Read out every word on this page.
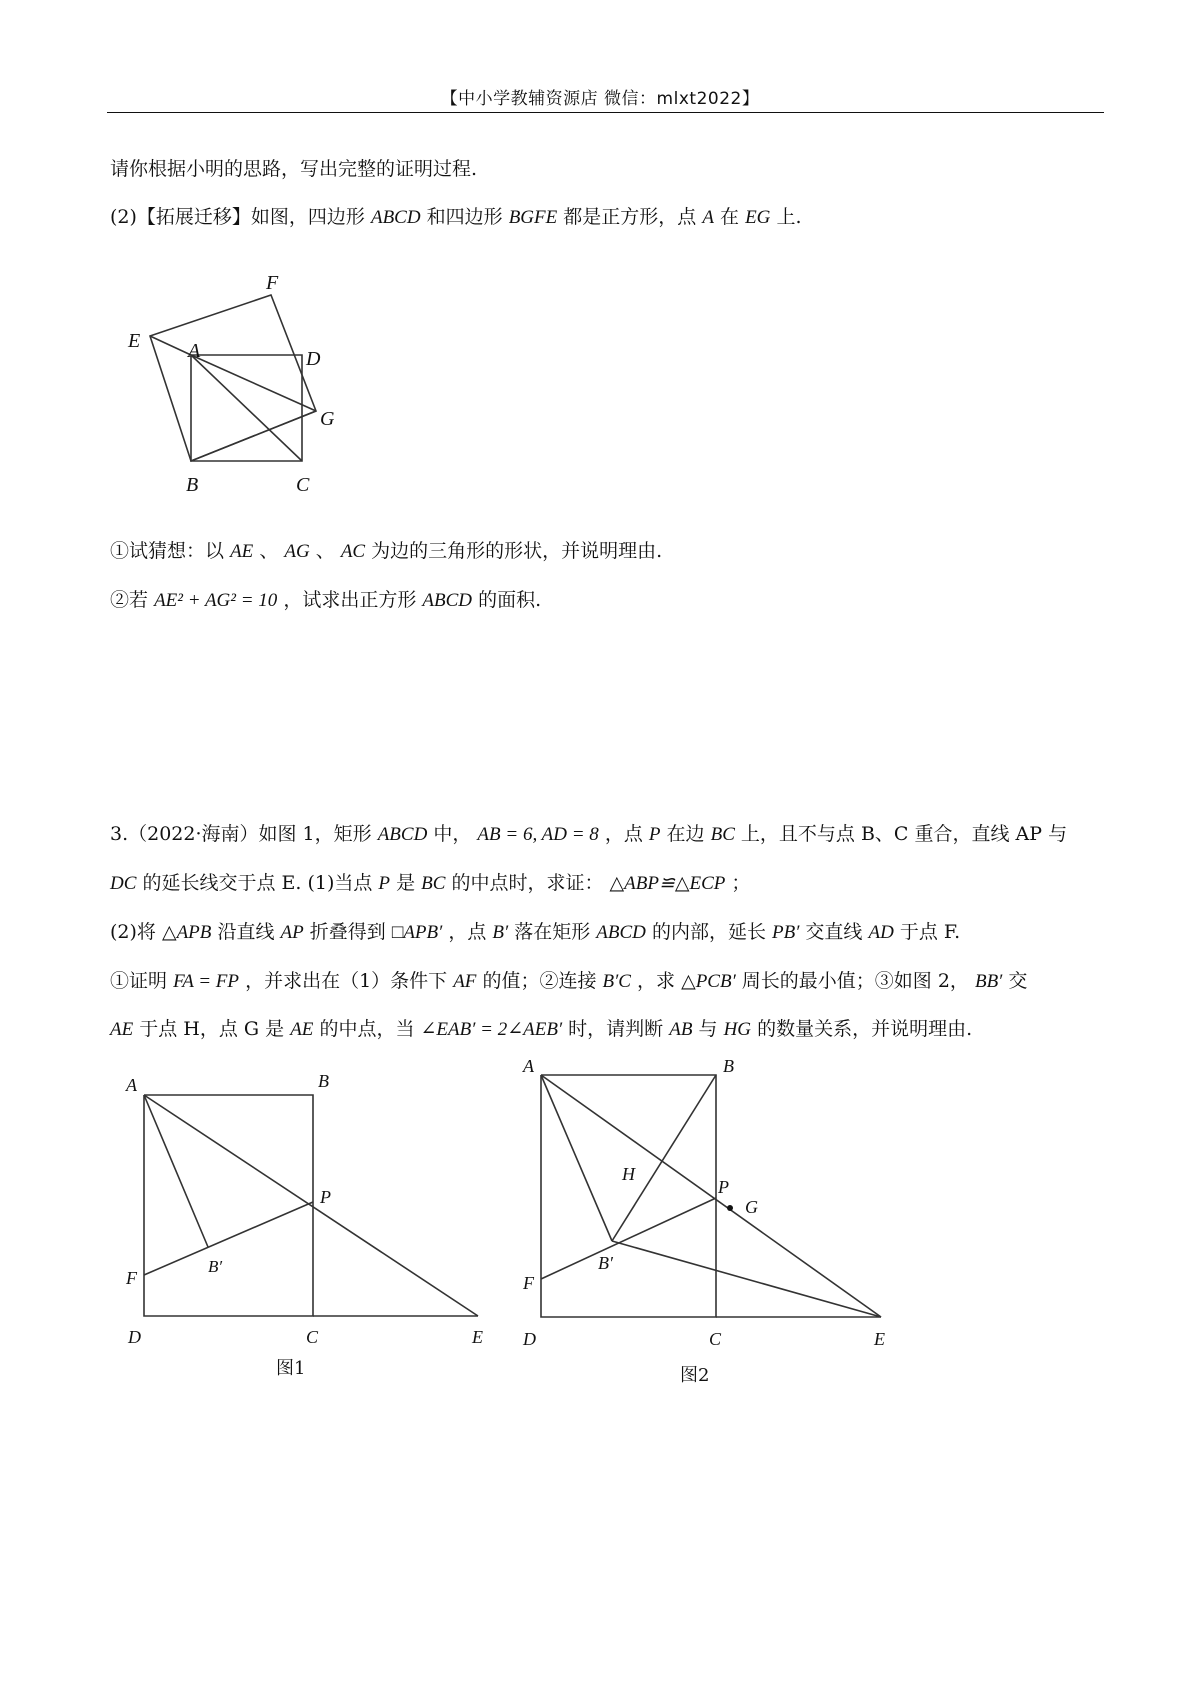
【中小学教辅资源店 微信：mlxt2022】
请你根据小明的思路，写出完整的证明过程.
(2)【拓展迁移】如图，四边形 ABCD 和四边形 BGFE 都是正方形，点 A 在 EG 上.
F
E A	D
G
B	C
①试猜想：以 AE 、 AG 、 AC 为边的三角形的形状，并说明理由.
②若 AE² + AG² = 10 ，试求出正方形 ABCD 的面积.
3.（2022·海南）如图 1，矩形 ABCD 中， AB = 6, AD = 8 ，点 P 在边 BC 上，且不与点 B、C 重合，直线 AP 与
DC 的延长线交于点 E. (1)当点 P 是 BC 的中点时，求证： △ABP≌△ECP ；
(2)将 △APB 沿直线 AP 折叠得到 □APB′ ，点 B′ 落在矩形 ABCD 的内部，延长 PB′ 交直线 AD 于点 F.
①证明 FA = FP ，并求出在（1）条件下 AF 的值；②连接 B′C ，求 △PCB′ 周长的最小值；③如图 2， BB′ 交
AE 于点 H，点 G 是 AE 的中点，当 ∠EAB′ = 2∠AEB′ 时，请判断 AB 与 HG 的数量关系，并说明理由.
A	B
P
F
B′
D	C	E
图1
A	B
H
P
G
B′
F
D	C	E
图2
